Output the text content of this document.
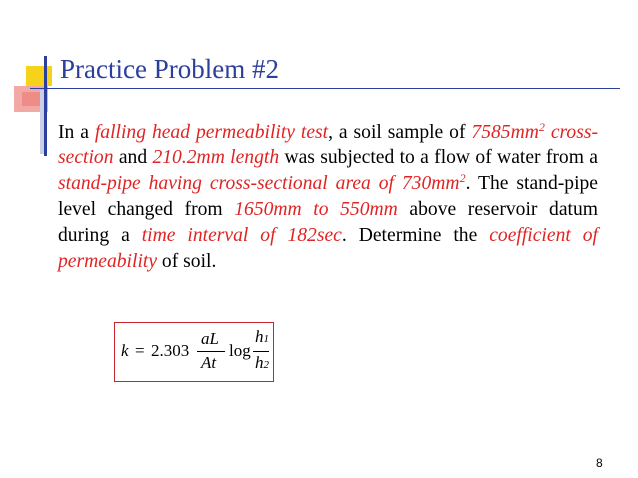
Practice Problem #2

In a falling head permeability test, a soil sample of $7585mm^2$ cross-section and 210.2mm length was subjected to a flow of water from a stand-pipe having cross-sectional area of $730mm^2$. The stand-pipe level changed from 1650mm to 550mm above reservoir datum during a time interval of 182sec. Determine the coefficient of permeability of soil.

k = 2.303
aL
At
log
h1
h2
8
